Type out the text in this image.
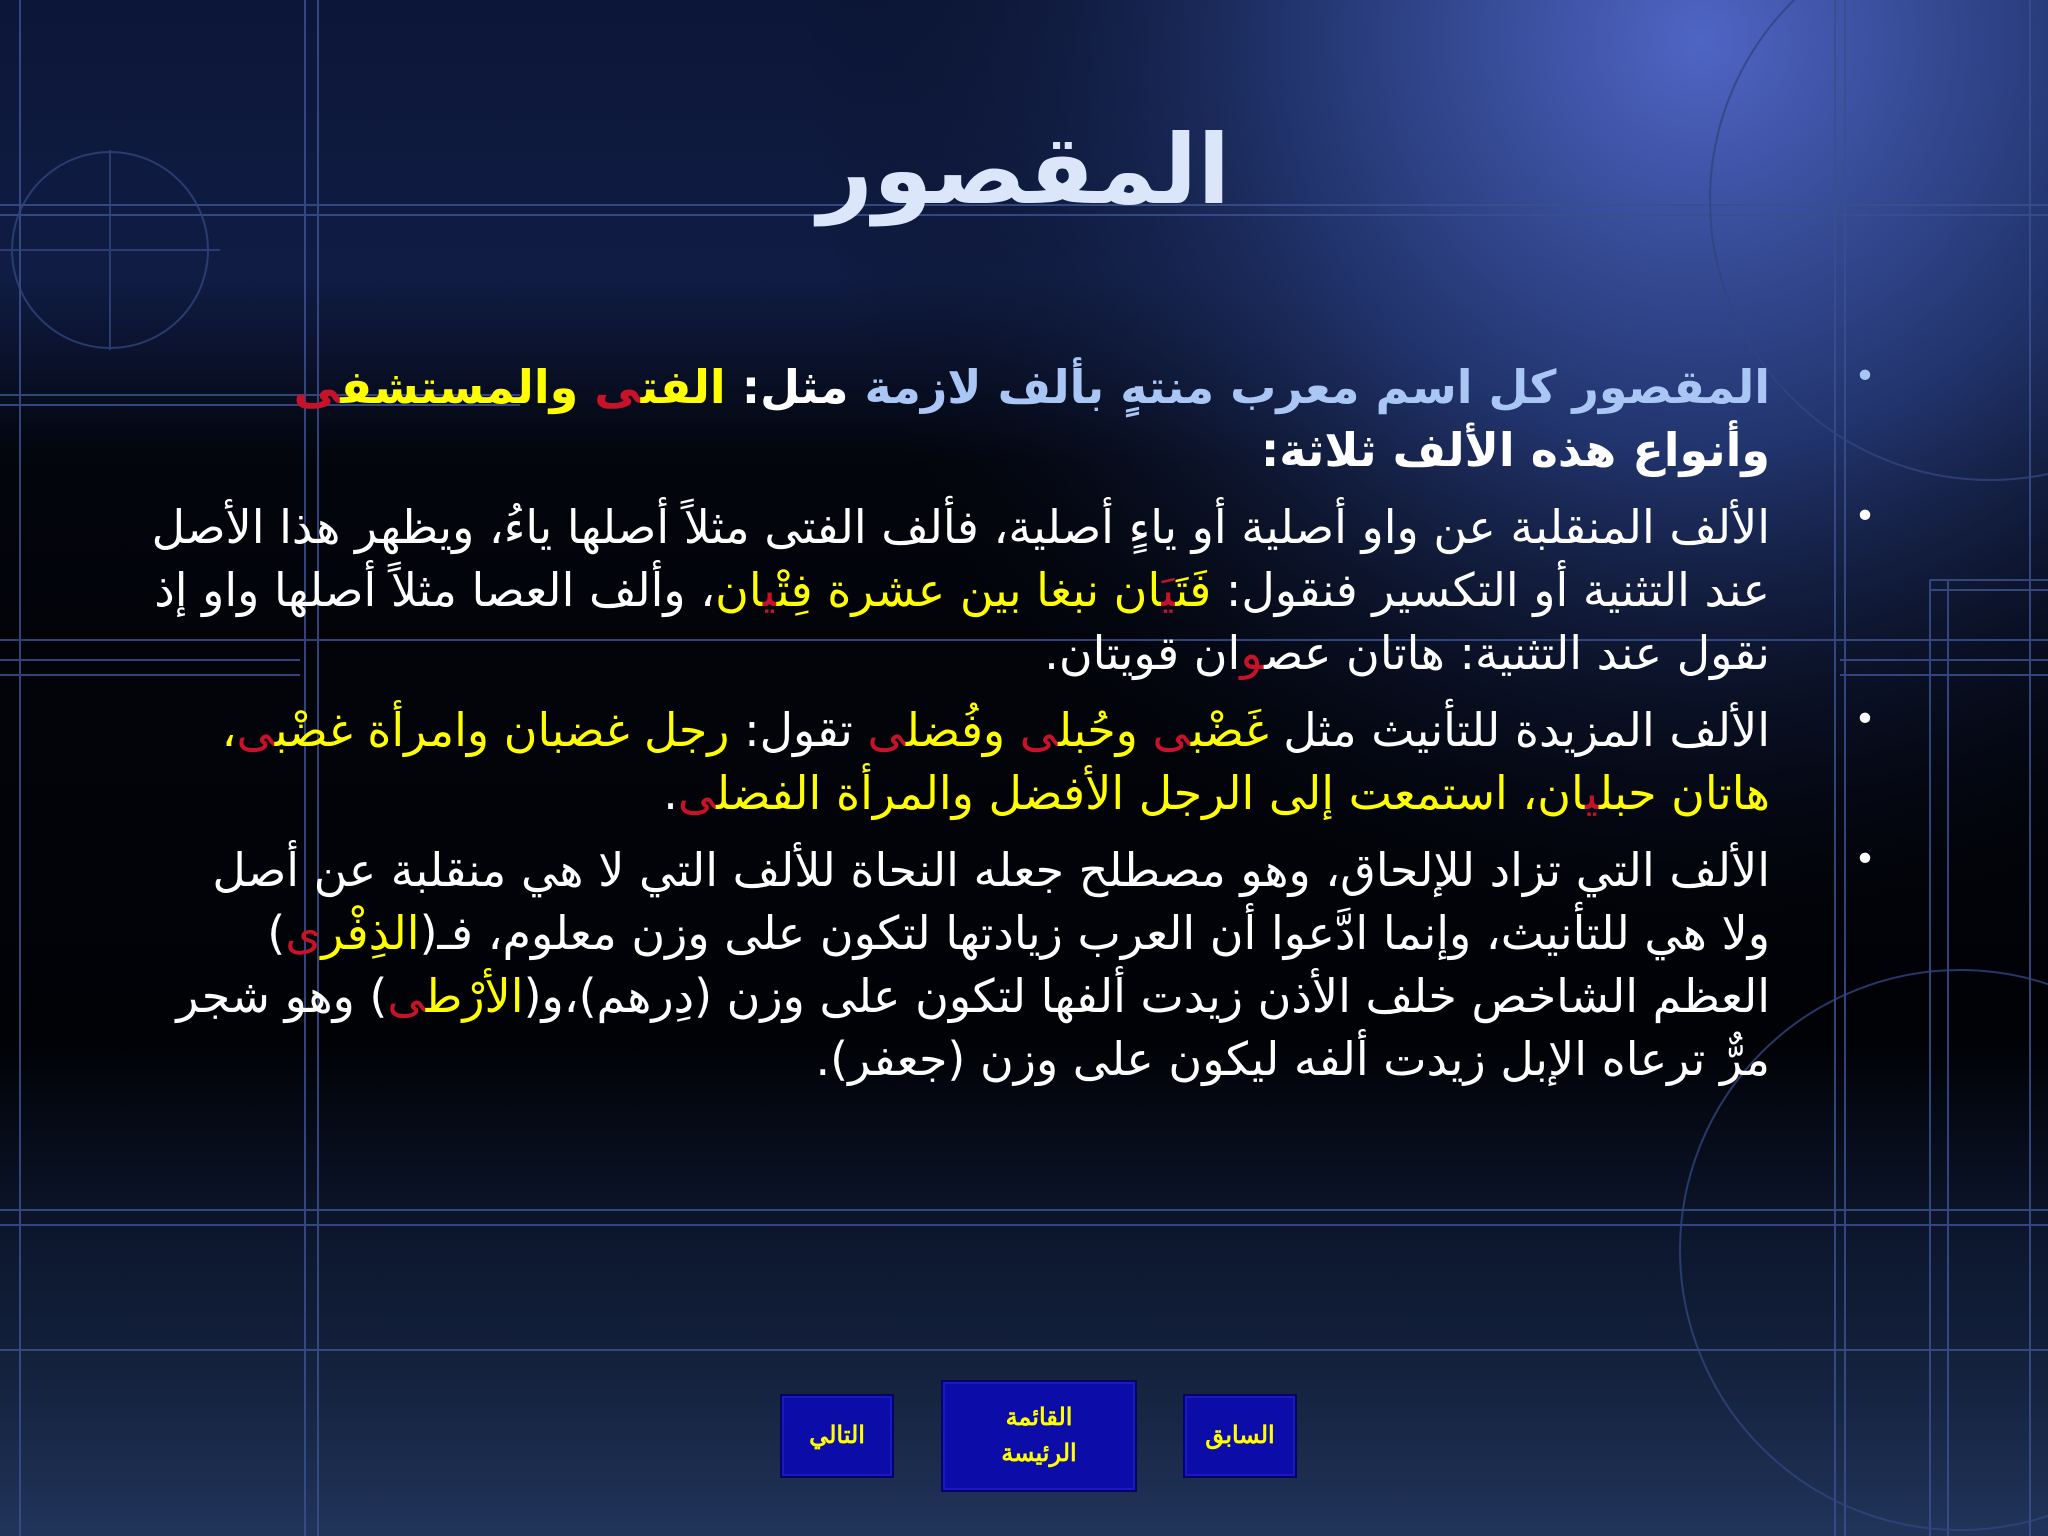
المقصور
•

المقصور كل اسم معرب منتهٍ بألف لازمة مثل: الفتى والمستشفى وأنواع هذه الألف ثلاثة:

•

الألف المنقلبة عن واو أصلية أو ياءٍ أصلية، فألف الفتى مثلاً أصلها ياءُ، ويظهر هذا الأصل عند التثنية أو التكسير فنقول: فَتَيَان نبغا بين عشرة فِتْيان، وألف العصا مثلاً أصلها واو إذ نقول عند التثنية: هاتان عصوان قويتان.

•

الألف المزيدة للتأنيث مثل غَضْبى وحُبلى وفُضلى تقول: رجل غضبان وامرأة غضْبى، هاتان حبليان، استمعت إلى الرجل الأفضل والمرأة الفضلى.

•

الألف التي تزاد للإلحاق، وهو مصطلح جعله النحاة للألف التي لا هي منقلبة عن أصل ولا هي للتأنيث، وإنما ادَّعوا أن العرب زيادتها لتكون على وزن معلوم، فـ(الذِفْرى) العظم الشاخص خلف الأذن زيدت ألفها لتكون على وزن (دِرهم)،و(الأرْطى) وهو شجر مرٌّ ترعاه الإبل زيدت ألفه ليكون على وزن (جعفر).

التالي
القائمة الرئيسة
السابق
